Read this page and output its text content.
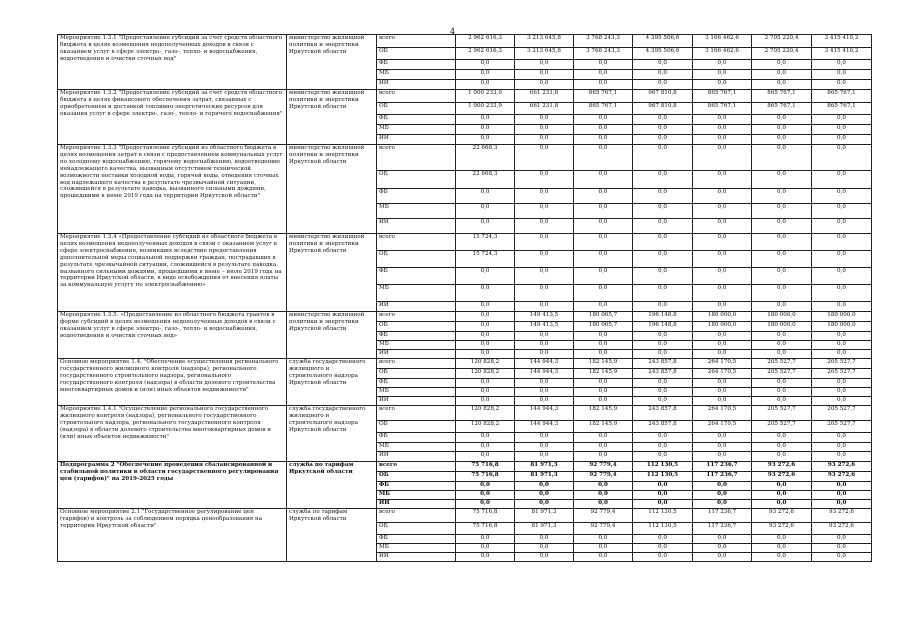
4
Мероприятие 1.3.1 "Предоставление субсидий за счет средств областного бюджета в целях возмещения недополученных доходов в связи с оказанием услуг в сфере электро-, газо-, тепло- и водоснабжения, водоотведения и очистки сточных вод"	министерство жилищной политики и энергетики Иркутской области	всего	2 962 616,3	3 213 645,8	3 768 243,3	4 395 506,6	3 166 462,6	2 705 220,4	3 415 410,2
		ОБ	2 962 616,3	3 213 645,8	3 768 243,3	4 395 506,6	3 166 462,6	2 705 220,4	3 415 410,2
		ФБ	0,0	0,0	0,0	0,0	0,0	0,0	0,0
		МБ	0,0	0,0	0,0	0,0	0,0	0,0	0,0
		ИИ	0,0	0,0	0,0	0,0	0,0	0,0	0,0
Мероприятие 1.3.2 "Предоставление субсидий за счет средств областного бюджета в целях финансового обеспечения затрат, связанных с приобретением и доставкой топливно-энергетических ресурсов для оказания услуг в сфере электро-, газо-, тепло- и горячего водоснабжения"	министерство жилищной политики и энергетики Иркутской области	всего	1 000 233,9	661 231,8	865 767,1	967 810,8	865 767,1	865 767,1	865 767,1
		ОБ	1 000 233,9	661 231,8	865 767,1	967 810,8	865 767,1	865 767,1	865 767,1
		ФБ	0,0	0,0	0,0	0,0	0,0	0,0	0,0
		МБ	0,0	0,0	0,0	0,0	0,0	0,0	0,0
		ИИ	0,0	0,0	0,0	0,0	0,0	0,0	0,0
Мероприятие 1.3.3 "Предоставление субсидий из областного бюджета в целях возмещения затрат в связи с предоставлением коммунальных услуг по холодному водоснабжению, горячему водоснабжению, водоотведению ненадлежащего качества, вызванным отсутствием технической возможности поставки холодной воды, горячей воды, отведения сточных вод надлежащего качества в результате чрезвычайной ситуации, сложившейся в результате паводка, вызванного сильными дождями, прошедшими в июне 2019 года на территории Иркутской области"	министерство жилищной политики и энергетики Иркутской области	всего	22 668,3	0,0	0,0	0,0	0,0	0,0	0,0
		ОБ	22 668,3	0,0	0,0	0,0	0,0	0,0	0,0
		ФБ	0,0	0,0	0,0	0,0	0,0	0,0	0,0
		МБ	0,0	0,0	0,0	0,0	0,0	0,0	0,0
		ИИ	0,0	0,0	0,0	0,0	0,0	0,0	0,0
Мероприятие 1.3.4 «Предоставление субсидий из областного бюджета в целях возмещения недополученных доходов в связи с оказанием услуг в сфере электроснабжения, возникших вследствие предоставления дополнительной меры социальной поддержки граждан, пострадавших в результате чрезвычайной ситуации, сложившейся в результате паводка, вызванного сильными дождями, прошедшими в июне – июле 2019 года на территории Иркутской области, в виде освобождения от внесения платы за коммунальную услугу по электроснабжению»	министерство жилищной политики и энергетики Иркутской области	всего	15 724,3	0,0	0,0	0,0	0,0	0,0	0,0
		ОБ	15 724,3	0,0	0,0	0,0	0,0	0,0	0,0
		ФБ	0,0	0,0	0,0	0,0	0,0	0,0	0,0
		МБ	0,0	0,0	0,0	0,0	0,0	0,0	0,0
		ИИ	0,0	0,0	0,0	0,0	0,0	0,0	0,0
Мероприятие 1.3.5. «Предоставление из областного бюджета грантов в форме субсидий в целях возмещения недополученных доходов в связи с оказанием услуг в сфере электро-, газо-, тепло- и водоснабжения, водоотведения и очистки сточных вод»	министерство жилищной политики и энергетики Иркутской области	всего	0,0	149 413,5	180 065,7	196 148,8	180 000,0	180 000,0	180 000,0
		ОБ	0,0	149 413,5	180 065,7	196 148,8	180 000,0	180 000,0	180 000,0
		ФБ	0,0	0,0	0,0	0,0	0,0	0,0	0,0
		МБ	0,0	0,0	0,0	0,0	0,0	0,0	0,0
		ИИ	0,0	0,0	0,0	0,0	0,0	0,0	0,0
Основное мероприятие 1.4. "Обеспечение осуществления регионального государственного жилищного контроля (надзора), регионального государственного строительного надзора, регионального государственного контроля (надзора) в области долевого строительства многоквартирных домов и (или) иных объектов недвижимости"	служба государственного жилищного и строительного надзора Иркутской области	всего	120 828,2	144 944,3	182 145,9	243 857,8	264 170,5	205 527,7	205 527,7
		ОБ	120 828,2	144 944,3	182 145,9	243 857,8	264 170,5	205 527,7	205 527,7
		ФБ	0,0	0,0	0,0	0,0	0,0	0,0	0,0
		МБ	0,0	0,0	0,0	0,0	0,0	0,0	0,0
		ИИ	0,0	0,0	0,0	0,0	0,0	0,0	0,0
Мероприятие 1.4.1 "Осуществление регионального государственного жилищного контроля (надзора), регионального государственного строительного надзора, регионального государственного контроля (надзора) в области долевого строительства многоквартирных домов и (или) иных объектов недвижимости"	служба государственного жилищного и строительного надзора Иркутской области	всего	120 828,2	144 944,3	182 145,9	243 857,8	264 170,5	205 527,7	205 527,7
		ОБ	120 828,2	144 944,3	182 145,9	243 857,8	264 170,5	205 527,7	205 527,7
		ФБ	0,0	0,0	0,0	0,0	0,0	0,0	0,0
		МБ	0,0	0,0	0,0	0,0	0,0	0,0	0,0
		ИИ	0,0	0,0	0,0	0,0	0,0	0,0	0,0
Подпрограмма 2 "Обеспечение проведения сбалансированной и стабильной политики в области государственного регулирования цен (тарифов)" на 2019-2025 годы	служба по тарифам Иркутской области	всего	75 716,8	81 971,3	92 779,4	112 130,5	117 236,7	93 272,6	93 272,6
		ОБ	75 716,8	81 971,3	92 779,4	112 130,5	117 236,7	93 272,6	93 272,6
		ФБ	0,0	0,0	0,0	0,0	0,0	0,0	0,0
		МБ	0,0	0,0	0,0	0,0	0,0	0,0	0,0
		ИИ	0,0	0,0	0,0	0,0	0,0	0,0	0,0
Основное мероприятие 2.1 "Государственное регулирование цен (тарифов) и контроль за соблюдением порядка ценообразования на территории Иркутской области"	служба по тарифам Иркутской области	всего	75 716,8	81 971,3	92 779,4	112 130,5	117 236,7	93 272,6	93 272,6
		ОБ	75 716,8	81 971,3	92 779,4	112 130,5	117 236,7	93 272,6	93 272,6
		ФБ	0,0	0,0	0,0	0,0	0,0	0,0	0,0
		МБ	0,0	0,0	0,0	0,0	0,0	0,0	0,0
		ИИ	0,0	0,0	0,0	0,0	0,0	0,0	0,0
